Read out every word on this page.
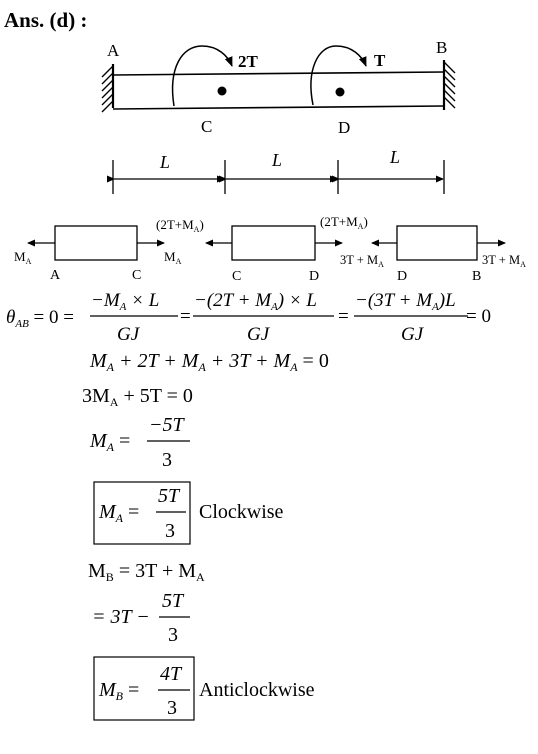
Ans. (d) :
A	B
2T	T
C	D
L	L	L
$M_A$	$M_A$
A	C
$(2T+M_A)$
C	D
$(2T+M_A)$
$3T + M_A$	$3T + M_A$
D	B
$\theta_{AB} = 0$ =
$-M_A \times L$
GJ
=
$-(2T + M_A) \times L$
GJ
=
$-(3T + M_A)L$
GJ
= 0
$M_A + 2T + M_A + 3T + M_A = 0$
$3M_A + 5T = 0$
$M_A$ =
−5T
3
$M_A$ =
5T
3
Clockwise
$M_B = 3T + M_A$
= 3T −
5T
3
$M_B$ =
4T
3
Anticlockwise
